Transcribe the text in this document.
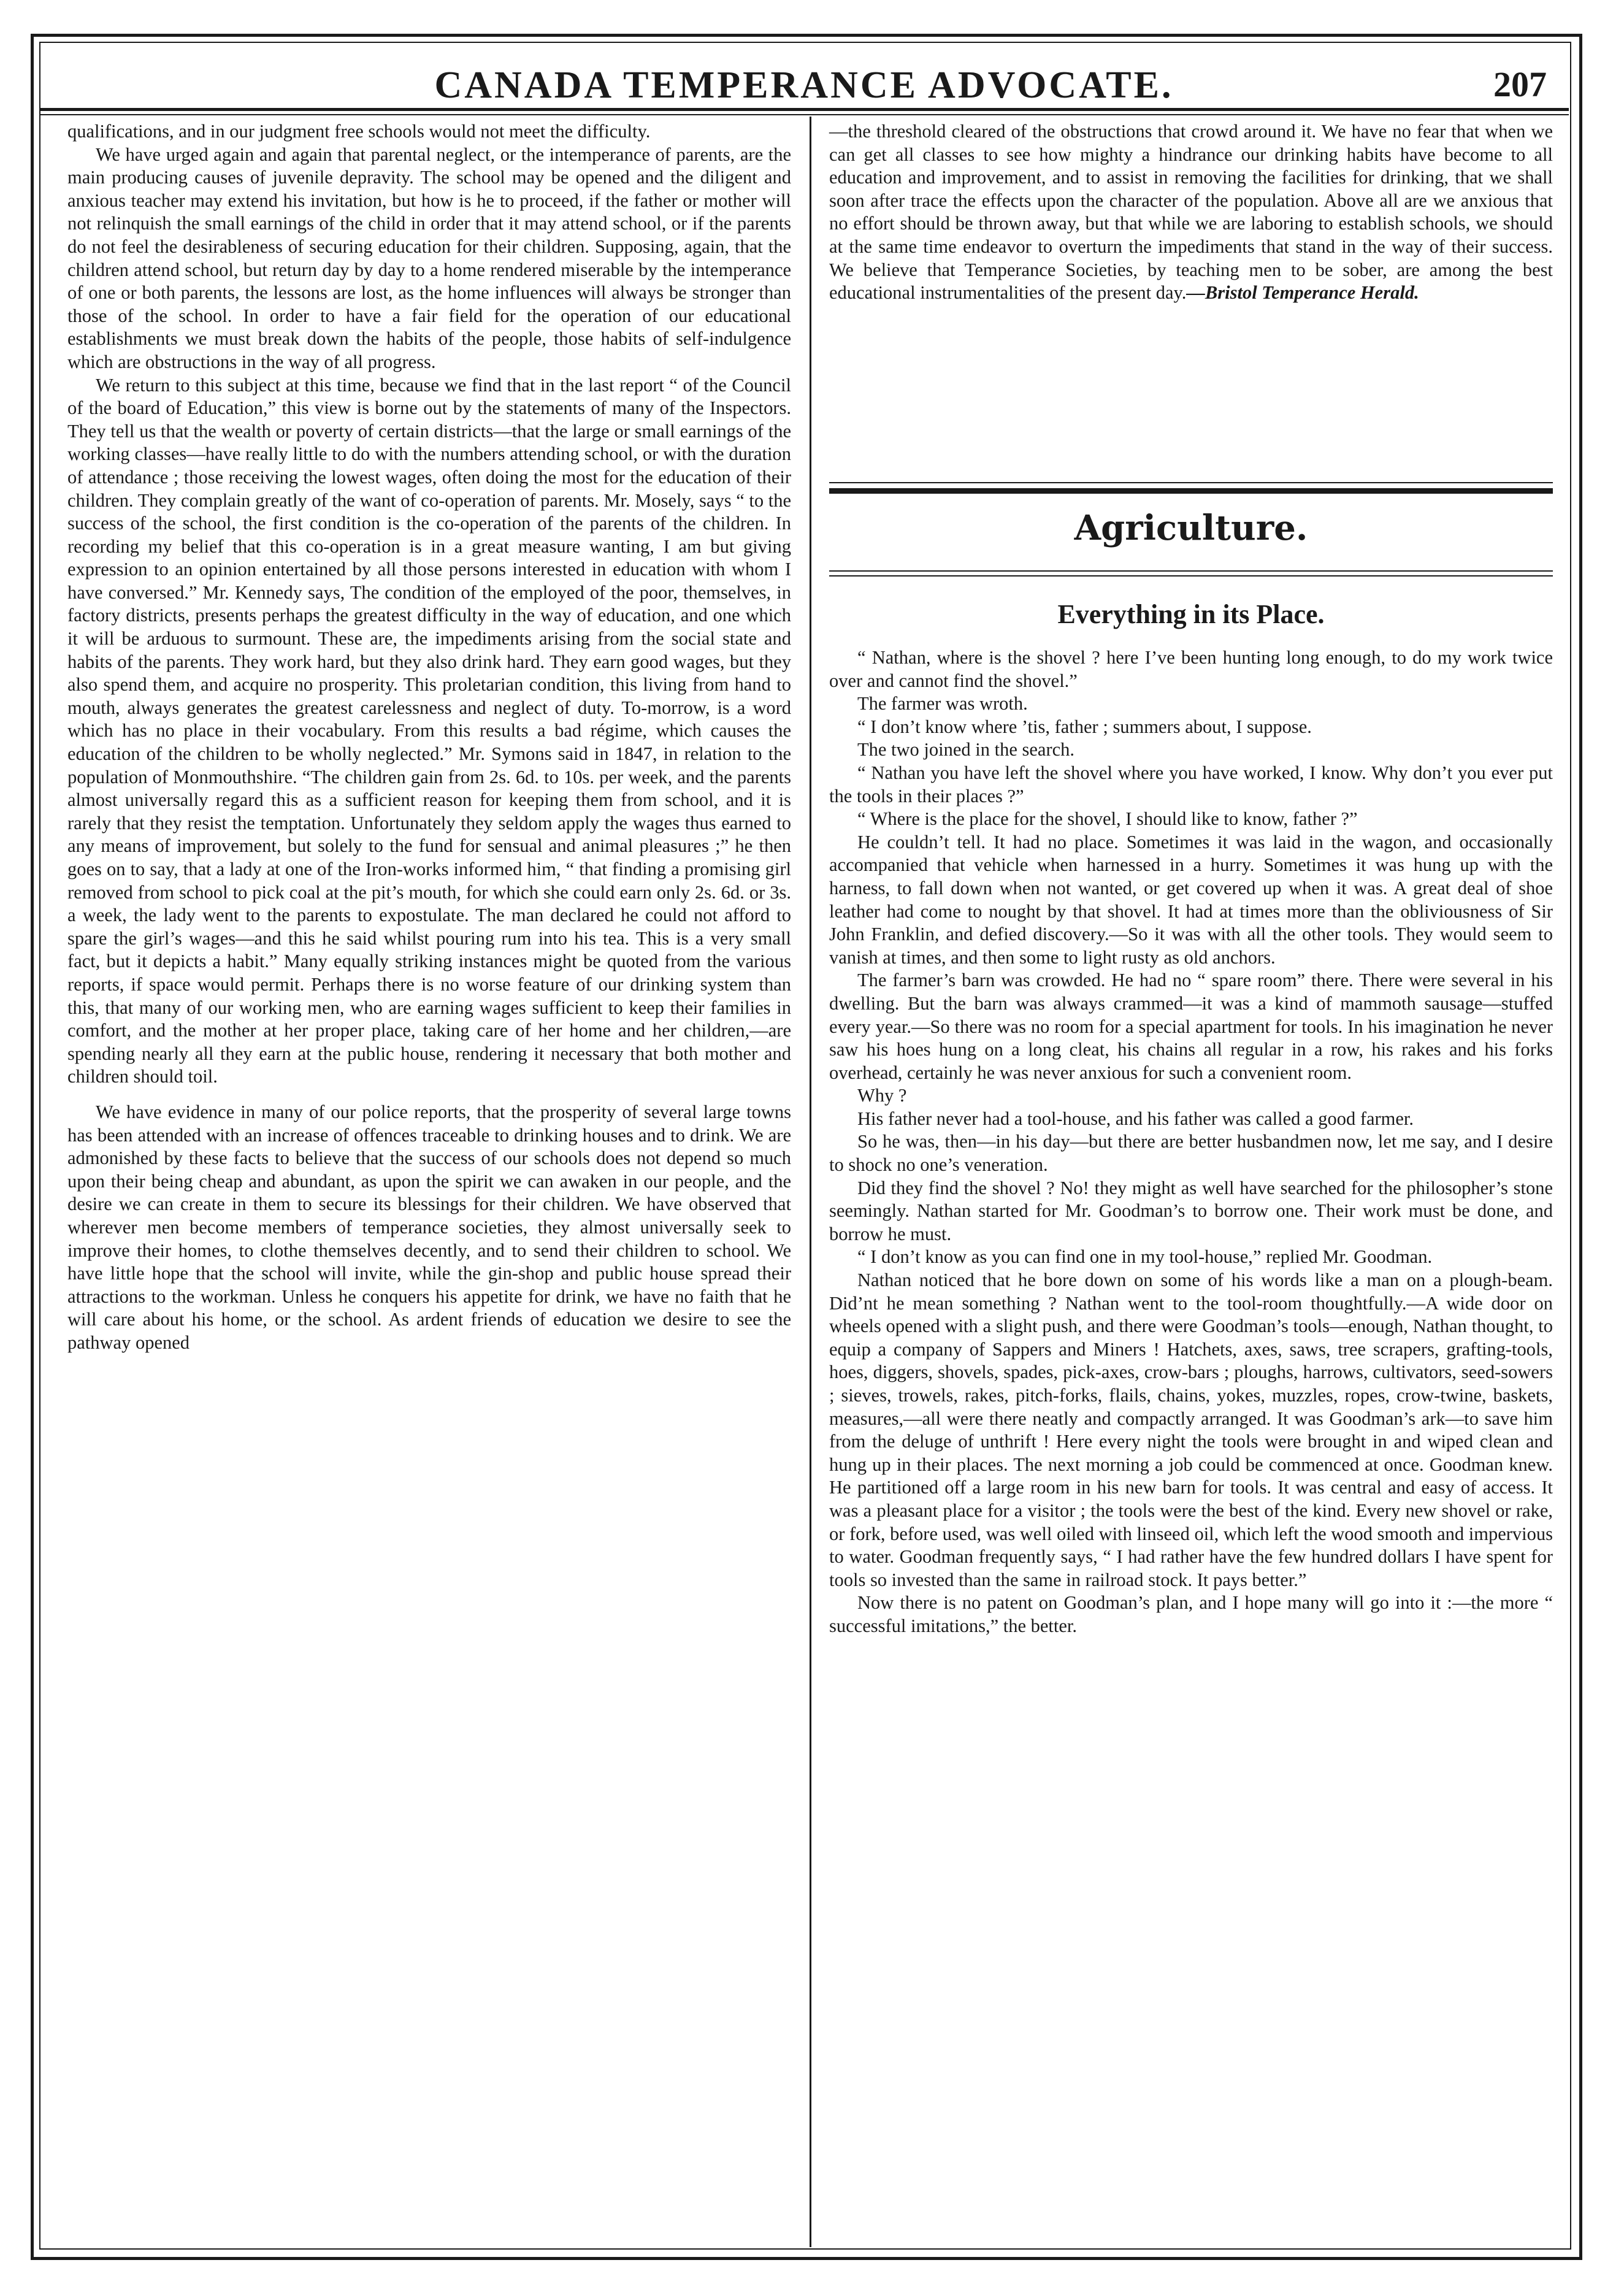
CANADA TEMPERANCE ADVOCATE.	207

qualifications, and in our judgment free schools would not meet the difficulty.

We have urged again and again that parental neglect, or the intemperance of parents, are the main producing causes of juvenile depravity. The school may be opened and the diligent and anxious teacher may extend his invitation, but how is he to proceed, if the father or mother will not relinquish the small earnings of the child in order that it may attend school, or if the parents do not feel the desirableness of securing education for their children. Supposing, again, that the children attend school, but return day by day to a home rendered miserable by the intemperance of one or both parents, the lessons are lost, as the home influences will always be stronger than those of the school. In order to have a fair field for the operation of our educational establishments we must break down the habits of the people, those habits of self-indulgence which are obstructions in the way of all progress.

We return to this subject at this time, because we find that in the last report “ of the Council of the board of Education,” this view is borne out by the statements of many of the Inspectors. They tell us that the wealth or poverty of certain districts—that the large or small earnings of the working classes—have really little to do with the numbers attending school, or with the duration of attendance ; those receiving the lowest wages, often doing the most for the education of their children. They complain greatly of the want of co-operation of parents. Mr. Mosely, says “ to the success of the school, the first condition is the co-operation of the parents of the children. In recording my belief that this co-operation is in a great measure wanting, I am but giving expression to an opinion entertained by all those persons interested in education with whom I have conversed.” Mr. Kennedy says, The condition of the employed of the poor, themselves, in factory districts, presents perhaps the greatest difficulty in the way of education, and one which it will be arduous to surmount. These are, the impediments arising from the social state and habits of the parents. They work hard, but they also drink hard. They earn good wages, but they also spend them, and acquire no prosperity. This proletarian condition, this living from hand to mouth, always generates the greatest carelessness and neglect of duty. To-morrow, is a word which has no place in their vocabulary. From this results a bad régime, which causes the education of the children to be wholly neglected.” Mr. Symons said in 1847, in relation to the population of Monmouthshire. “The children gain from 2s. 6d. to 10s. per week, and the parents almost universally regard this as a sufficient reason for keeping them from school, and it is rarely that they resist the temptation. Unfortunately they seldom apply the wages thus earned to any means of improvement, but solely to the fund for sensual and animal pleasures ;” he then goes on to say, that a lady at one of the Iron-works informed him, “ that finding a promising girl removed from school to pick coal at the pit’s mouth, for which she could earn only 2s. 6d. or 3s. a week, the lady went to the parents to expostulate. The man declared he could not afford to spare the girl’s wages—and this he said whilst pouring rum into his tea. This is a very small fact, but it depicts a habit.” Many equally striking instances might be quoted from the various reports, if space would permit. Perhaps there is no worse feature of our drinking system than this, that many of our working men, who are earning wages sufficient to keep their families in comfort, and the mother at her proper place, taking care of her home and her children,—are spending nearly all they earn at the public house, rendering it necessary that both mother and children should toil.

We have evidence in many of our police reports, that the prosperity of several large towns has been attended with an increase of offences traceable to drinking houses and to drink. We are admonished by these facts to believe that the success of our schools does not depend so much upon their being cheap and abundant, as upon the spirit we can awaken in our people, and the desire we can create in them to secure its blessings for their children. We have observed that wherever men become members of temperance societies, they almost universally seek to improve their homes, to clothe themselves decently, and to send their children to school. We have little hope that the school will invite, while the gin-shop and public house spread their attractions to the workman. Unless he conquers his appetite for drink, we have no faith that he will care about his home, or the school. As ardent friends of education we desire to see the pathway opened

—the threshold cleared of the obstructions that crowd around it. We have no fear that when we can get all classes to see how mighty a hindrance our drinking habits have become to all education and improvement, and to assist in removing the facilities for drinking, that we shall soon after trace the effects upon the character of the population. Above all are we anxious that no effort should be thrown away, but that while we are laboring to establish schools, we should at the same time endeavor to overturn the impediments that stand in the way of their success. We believe that Temperance Societies, by teaching men to be sober, are among the best educational instrumentalities of the present day.—Bristol Temperance Herald.

Agriculture.
Everything in its Place.

“ Nathan, where is the shovel ? here I’ve been hunting long enough, to do my work twice over and cannot find the shovel.”

The farmer was wroth.

“ I don’t know where ’tis, father ; summers about, I suppose.

The two joined in the search.

“ Nathan you have left the shovel where you have worked, I know. Why don’t you ever put the tools in their places ?”

“ Where is the place for the shovel, I should like to know, father ?”

He couldn’t tell. It had no place. Sometimes it was laid in the wagon, and occasionally accompanied that vehicle when harnessed in a hurry. Sometimes it was hung up with the harness, to fall down when not wanted, or get covered up when it was. A great deal of shoe leather had come to nought by that shovel. It had at times more than the obliviousness of Sir John Franklin, and defied discovery.—So it was with all the other tools. They would seem to vanish at times, and then some to light rusty as old anchors.

The farmer’s barn was crowded. He had no “ spare room” there. There were several in his dwelling. But the barn was always crammed—it was a kind of mammoth sausage—stuffed every year.—So there was no room for a special apartment for tools. In his imagination he never saw his hoes hung on a long cleat, his chains all regular in a row, his rakes and his forks overhead, certainly he was never anxious for such a convenient room.

Why ?

His father never had a tool-house, and his father was called a good farmer.

So he was, then—in his day—but there are better husbandmen now, let me say, and I desire to shock no one’s veneration.

Did they find the shovel ? No! they might as well have searched for the philosopher’s stone seemingly. Nathan started for Mr. Goodman’s to borrow one. Their work must be done, and borrow he must.

“ I don’t know as you can find one in my tool-house,” replied Mr. Goodman.

Nathan noticed that he bore down on some of his words like a man on a plough-beam. Did’nt he mean something ? Nathan went to the tool-room thoughtfully.—A wide door on wheels opened with a slight push, and there were Goodman’s tools—enough, Nathan thought, to equip a company of Sappers and Miners ! Hatchets, axes, saws, tree scrapers, grafting-tools, hoes, diggers, shovels, spades, pick-axes, crow-bars ; ploughs, harrows, cultivators, seed-sowers ; sieves, trowels, rakes, pitch-forks, flails, chains, yokes, muzzles, ropes, crow-twine, baskets, measures,—all were there neatly and compactly arranged. It was Goodman’s ark—to save him from the deluge of unthrift ! Here every night the tools were brought in and wiped clean and hung up in their places. The next morning a job could be commenced at once. Goodman knew. He partitioned off a large room in his new barn for tools. It was central and easy of access. It was a pleasant place for a visitor ; the tools were the best of the kind. Every new shovel or rake, or fork, before used, was well oiled with linseed oil, which left the wood smooth and impervious to water. Goodman frequently says, “ I had rather have the few hundred dollars I have spent for tools so invested than the same in railroad stock. It pays better.”

Now there is no patent on Goodman’s plan, and I hope many will go into it :—the more “ successful imitations,” the better.
